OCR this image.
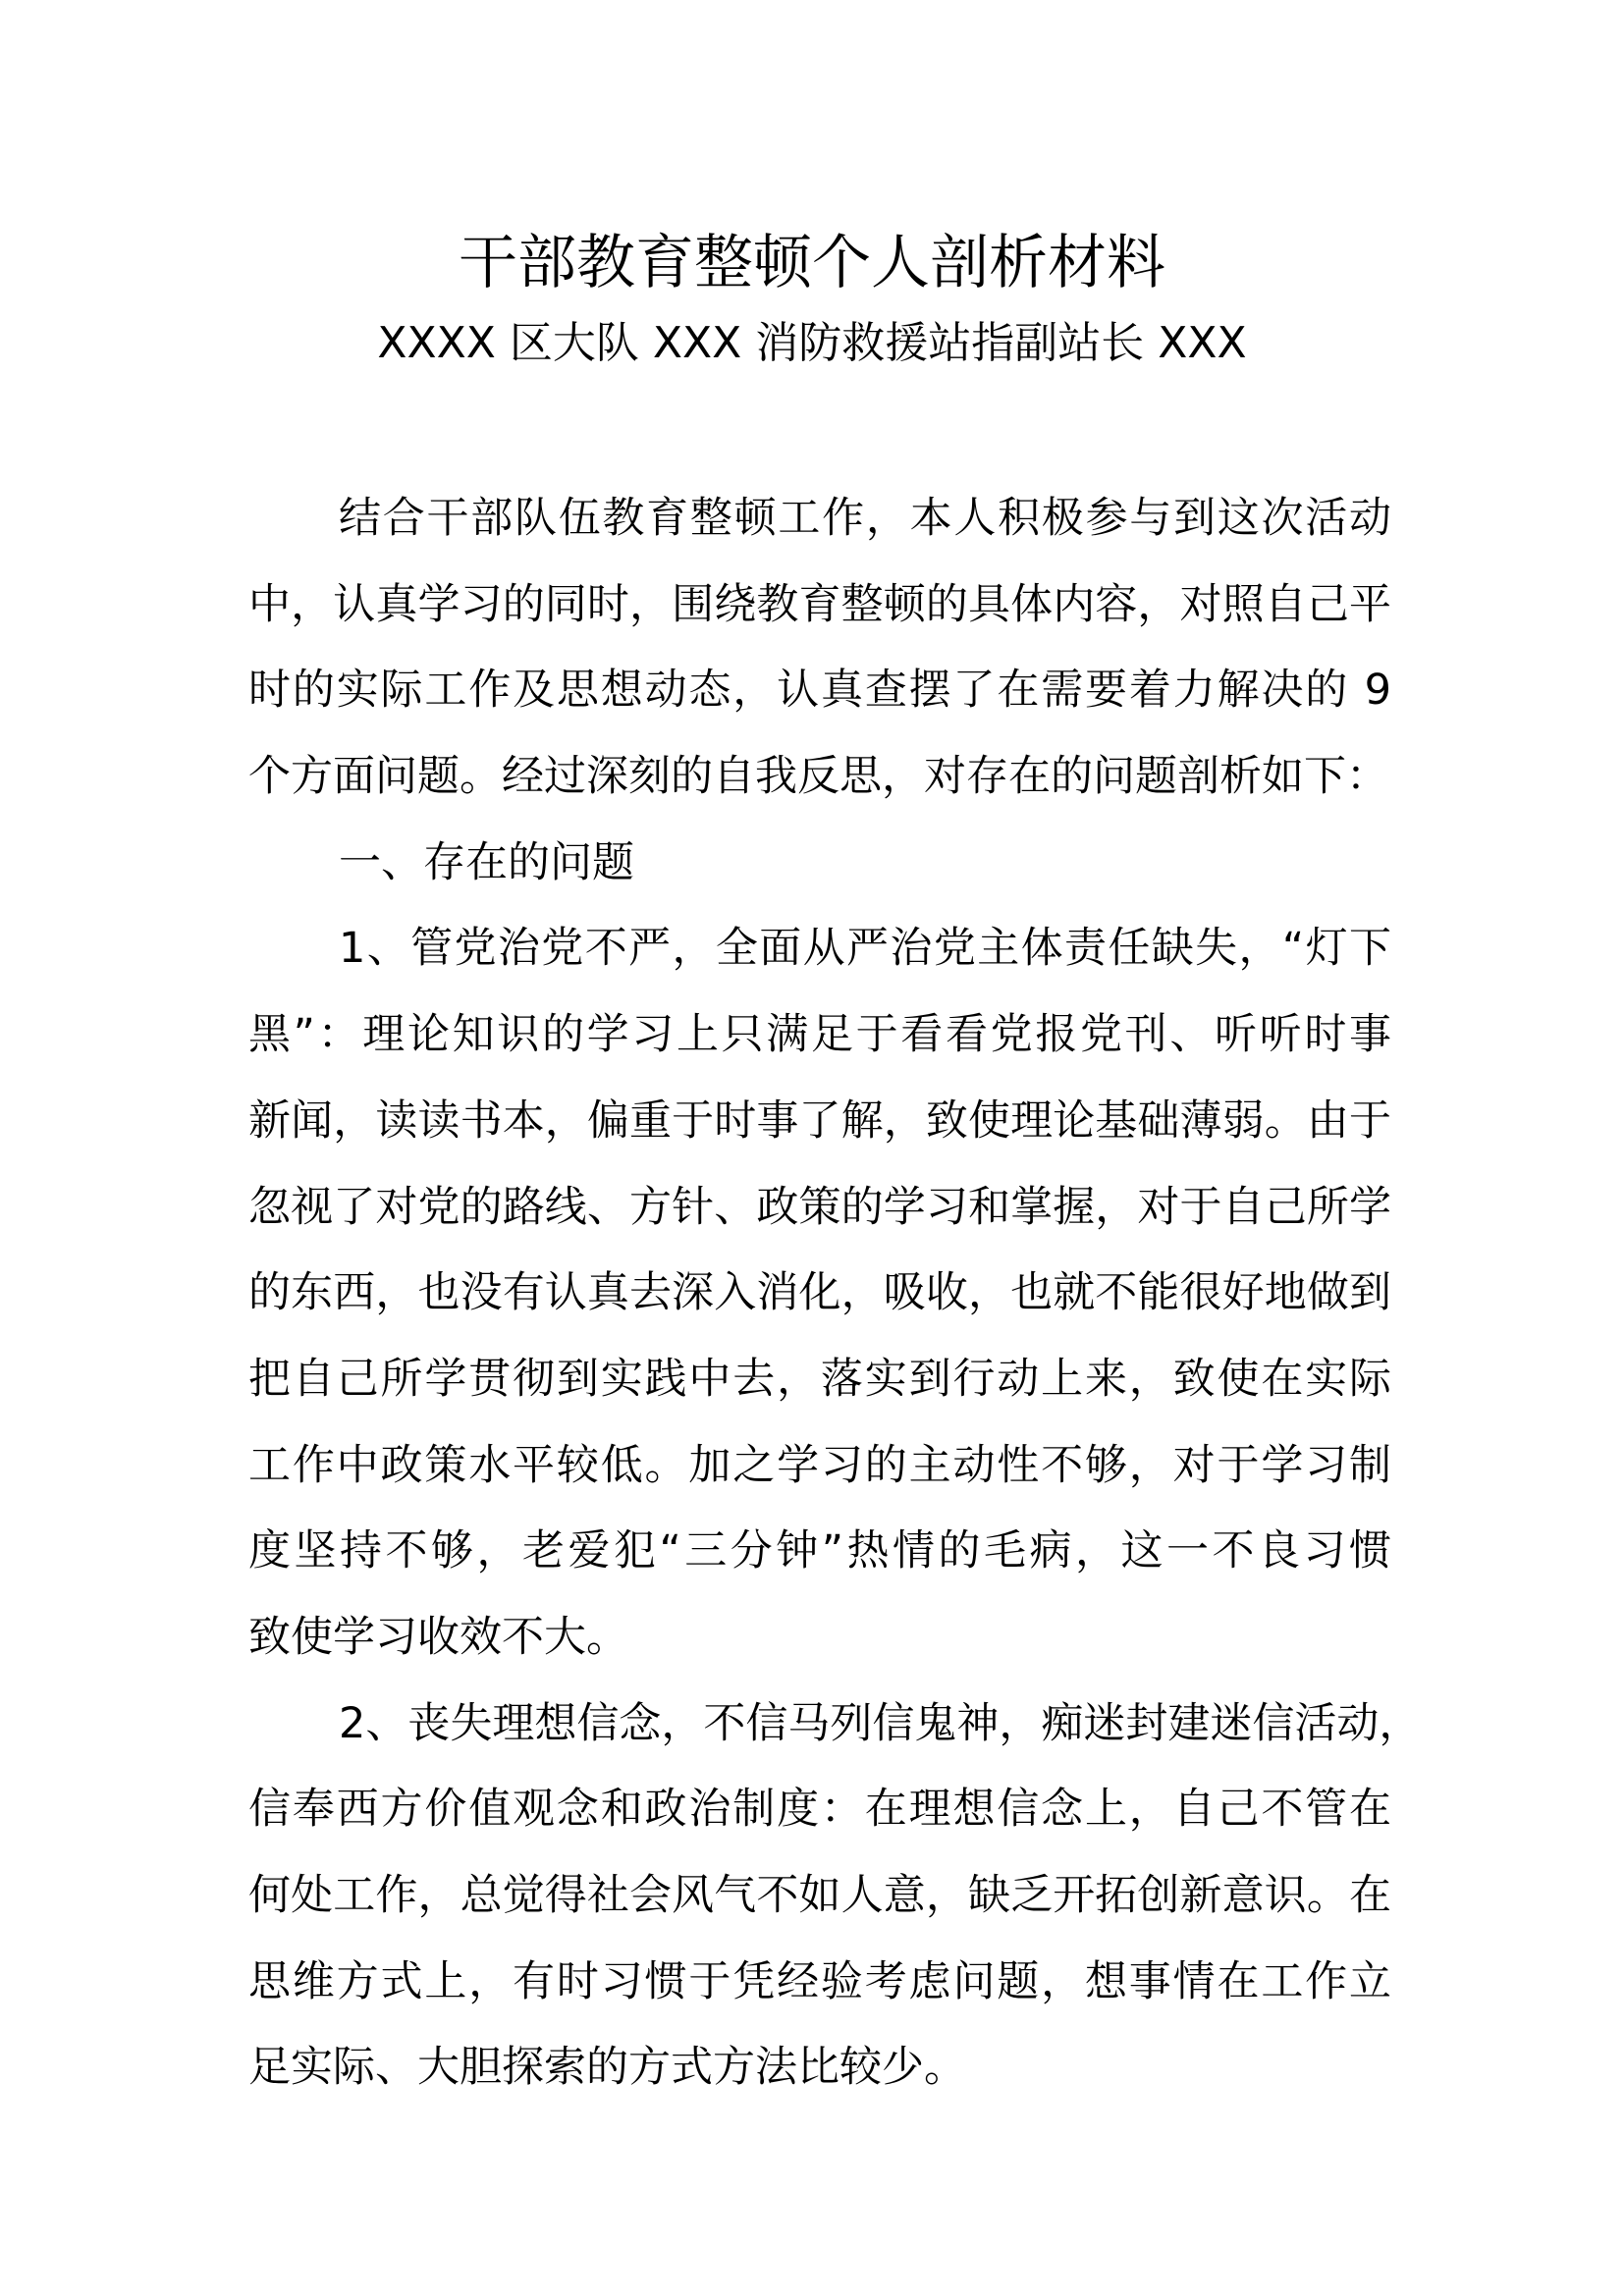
干部教育整顿个人剖析材料
XXXX 区大队 XXX 消防救援站指副站长 XXX
结合干部队伍教育整顿工作，本人积极参与到这次活动
中，认真学习的同时，围绕教育整顿的具体内容，对照自己平
时的实际工作及思想动态，认真查摆了在需要着力解决的 9
个方面问题。经过深刻的自我反思，对存在的问题剖析如下：
一、存在的问题
1、管党治党不严，全面从严治党主体责任缺失，“灯下
黑”：理论知识的学习上只满足于看看党报党刊、听听时事
新闻，读读书本，偏重于时事了解，致使理论基础薄弱。由于
忽视了对党的路线、方针、政策的学习和掌握，对于自己所学
的东西，也没有认真去深入消化，吸收，也就不能很好地做到
把自己所学贯彻到实践中去，落实到行动上来，致使在实际
工作中政策水平较低。加之学习的主动性不够，对于学习制
度坚持不够，老爱犯“三分钟”热情的毛病，这一不良习惯
致使学习收效不大。
2、丧失理想信念，不信马列信鬼神，痴迷封建迷信活动，
信奉西方价值观念和政治制度：在理想信念上，自己不管在
何处工作，总觉得社会风气不如人意，缺乏开拓创新意识。在
思维方式上，有时习惯于凭经验考虑问题，想事情在工作立
足实际、大胆探索的方式方法比较少。
